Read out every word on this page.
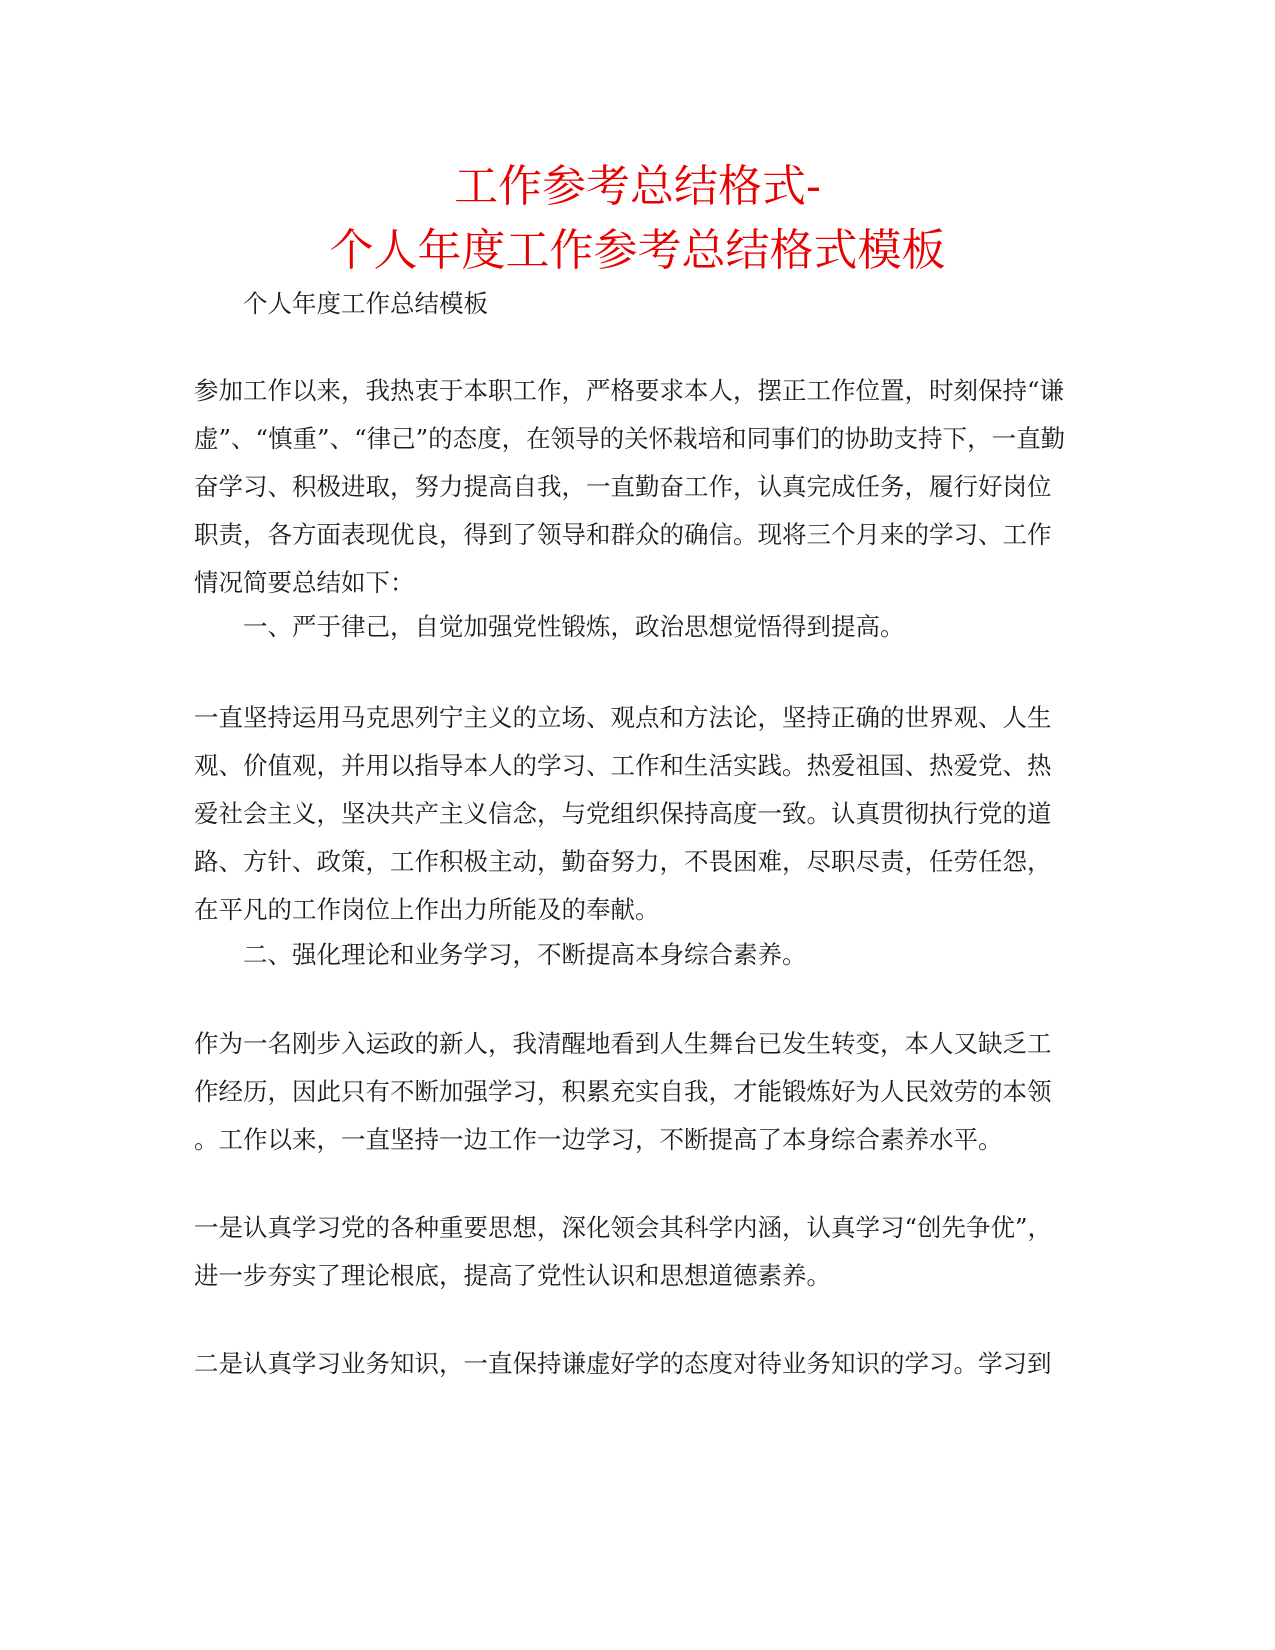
工作参考总结格式-
个人年度工作参考总结格式模板

个人年度工作总结模板

参加工作以来，我热衷于本职工作，严格要求本人，摆正工作位置，时刻保持“谦

虚”、“慎重”、“律己”的态度，在领导的关怀栽培和同事们的协助支持下，一直勤

奋学习、积极进取，努力提高自我，一直勤奋工作，认真完成任务，履行好岗位

职责，各方面表现优良，得到了领导和群众的确信。现将三个月来的学习、工作

情况简要总结如下：

一、严于律己，自觉加强党性锻炼，政治思想觉悟得到提高。

一直坚持运用马克思列宁主义的立场、观点和方法论，坚持正确的世界观、人生

观、价值观，并用以指导本人的学习、工作和生活实践。热爱祖国、热爱党、热

爱社会主义，坚决共产主义信念，与党组织保持高度一致。认真贯彻执行党的道

路、方针、政策，工作积极主动，勤奋努力，不畏困难，尽职尽责，任劳任怨，

在平凡的工作岗位上作出力所能及的奉献。

二、强化理论和业务学习，不断提高本身综合素养。

作为一名刚步入运政的新人，我清醒地看到人生舞台已发生转变，本人又缺乏工

作经历，因此只有不断加强学习，积累充实自我，才能锻炼好为人民效劳的本领

。工作以来，一直坚持一边工作一边学习，不断提高了本身综合素养水平。

一是认真学习党的各种重要思想，深化领会其科学内涵，认真学习“创先争优”，

进一步夯实了理论根底，提高了党性认识和思想道德素养。

二是认真学习业务知识，一直保持谦虚好学的态度对待业务知识的学习。学习到
